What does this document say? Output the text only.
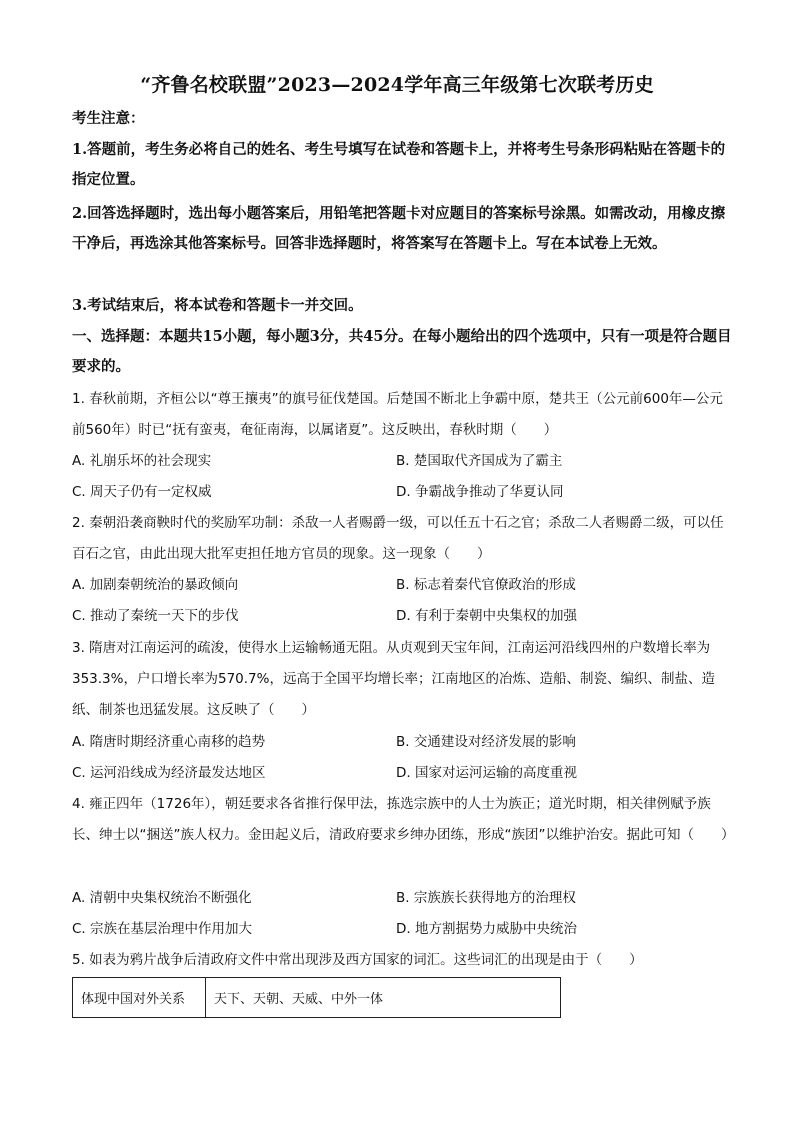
“齐鲁名校联盟”2023—2024学年高三年级第七次联考历史
考生注意：
1.答题前，考生务必将自己的姓名、考生号填写在试卷和答题卡上，并将考生号条形码粘贴在答题卡的指定位置。
2.回答选择题时，选出每小题答案后，用铅笔把答题卡对应题目的答案标号涂黑。如需改动，用橡皮擦干净后，再选涂其他答案标号。回答非选择题时，将答案写在答题卡上。写在本试卷上无效。
3.考试结束后，将本试卷和答题卡一并交回。
一、选择题：本题共15小题，每小题3分，共45分。在每小题给出的四个选项中，只有一项是符合题目要求的。
1. 春秋前期，齐桓公以“尊王攘夷”的旗号征伐楚国。后楚国不断北上争霸中原，楚共王（公元前600年—公元前560年）时已“抚有蛮夷，奄征南海，以属诸夏”。这反映出，春秋时期（　　）
A. 礼崩乐坏的社会现实	B. 楚国取代齐国成为了霸主
C. 周天子仍有一定权威	D. 争霸战争推动了华夏认同
2. 秦朝沿袭商鞅时代的奖励军功制：杀敌一人者赐爵一级，可以任五十石之官；杀敌二人者赐爵二级，可以任百石之官，由此出现大批军吏担任地方官员的现象。这一现象（　　）
A. 加剧秦朝统治的暴政倾向	B. 标志着秦代官僚政治的形成
C. 推动了秦统一天下的步伐	D. 有利于秦朝中央集权的加强
3. 隋唐对江南运河的疏浚，使得水上运输畅通无阻。从贞观到天宝年间，江南运河沿线四州的户数增长率为353.3%，户口增长率为570.7%，远高于全国平均增长率；江南地区的冶炼、造船、制瓷、编织、制盐、造纸、制茶也迅猛发展。这反映了（　　）
A. 隋唐时期经济重心南移的趋势	B. 交通建设对经济发展的影响
C. 运河沿线成为经济最发达地区	D. 国家对运河运输的高度重视
4. 雍正四年（1726年），朝廷要求各省推行保甲法，拣选宗族中的人士为族正；道光时期，相关律例赋予族长、绅士以“捆送”族人权力。金田起义后，清政府要求乡绅办团练，形成“族团”以维护治安。据此可知（　　）
A. 清朝中央集权统治不断强化	B. 宗族族长获得地方的治理权
C. 宗族在基层治理中作用加大	D. 地方割据势力威胁中央统治
5. 如表为鸦片战争后清政府文件中常出现涉及西方国家的词汇。这些词汇的出现是由于（　　）
体现中国对外关系	天下、天朝、天威、中外一体
